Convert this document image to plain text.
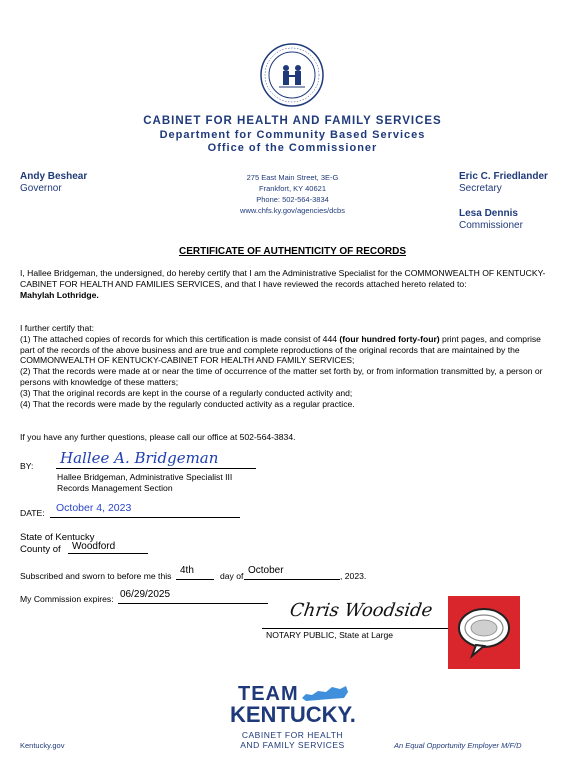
CABINET FOR HEALTH AND FAMILY SERVICES
Department for Community Based Services
Office of the Commissioner
Andy Beshear
Governor
275 East Main Street, 3E-G
Frankfort, KY 40621
Phone: 502-564-3834
www.chfs.ky.gov/agencies/dcbs
Eric C. Friedlander
Secretary
Lesa Dennis
Commissioner
CERTIFICATE OF AUTHENTICITY OF RECORDS
I, Hallee Bridgeman, the undersigned, do hereby certify that I am the Administrative Specialist for the COMMONWEALTH OF KENTUCKY-CABINET FOR HEALTH AND FAMILIES SERVICES, and that I have reviewed the records attached hereto related to:
Mahylah Lothridge.
I further certify that:
(1) The attached copies of records for which this certification is made consist of 444 (four hundred forty-four) print pages, and comprise part of the records of the above business and are true and complete reproductions of the original records that are maintained by the COMMONWEALTH OF KENTUCKY-CABINET FOR HEALTH AND FAMILY SERVICES;
(2) That the records were made at or near the time of occurrence of the matter set forth by, or from information transmitted by, a person or persons with knowledge of these matters;
(3) That the original records are kept in the course of a regularly conducted activity and;
(4) That the records were made by the regularly conducted activity as a regular practice.
If you have any further questions, please call our office at 502-564-3834.
BY: Hallee A. Bridgeman
Hallee Bridgeman, Administrative Specialist III
Records Management Section
DATE: October 4, 2023
State of Kentucky
County of Woodford
Subscribed and sworn to before me this 4th	day of October	, 2023.
My Commission expires: 06/29/2025
Chris Woodside
NOTARY PUBLIC, State at Large
TEAM
KENTUCKY.
CABINET FOR HEALTH
AND FAMILY SERVICES
Kentucky.gov	An Equal Opportunity Employer M/F/D
